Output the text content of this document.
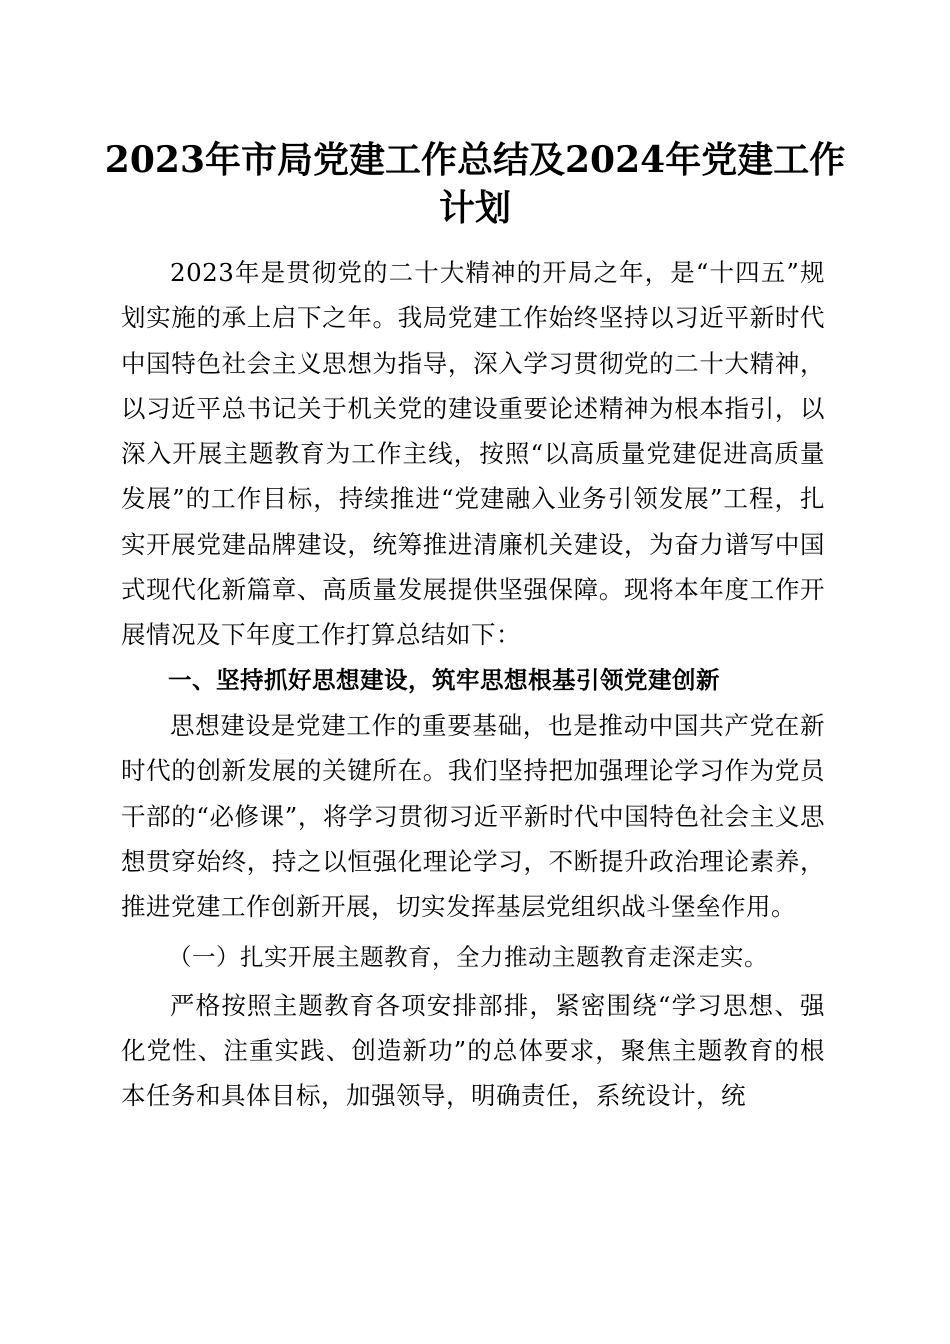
2023年市局党建工作总结及2024年党建工作计划

2023年是贯彻党的二十大精神的开局之年，是“十四五”规划实施的承上启下之年。我局党建工作始终坚持以习近平新时代中国特色社会主义思想为指导，深入学习贯彻党的二十大精神，以习近平总书记关于机关党的建设重要论述精神为根本指引，以深入开展主题教育为工作主线，按照“以高质量党建促进高质量发展”的工作目标，持续推进“党建融入业务引领发展”工程，扎实开展党建品牌建设，统筹推进清廉机关建设，为奋力谱写中国式现代化新篇章、高质量发展提供坚强保障。现将本年度工作开展情况及下年度工作打算总结如下：

一、坚持抓好思想建设，筑牢思想根基引领党建创新

思想建设是党建工作的重要基础，也是推动中国共产党在新时代的创新发展的关键所在。我们坚持把加强理论学习作为党员干部的“必修课”，将学习贯彻习近平新时代中国特色社会主义思想贯穿始终，持之以恒强化理论学习，不断提升政治理论素养，推进党建工作创新开展，切实发挥基层党组织战斗堡垒作用。

（一）扎实开展主题教育，全力推动主题教育走深走实。

严格按照主题教育各项安排部排，紧密围绕“学习思想、强化党性、注重实践、创造新功”的总体要求，聚焦主题教育的根本任务和具体目标，加强领导，明确责任，系统设计，统
